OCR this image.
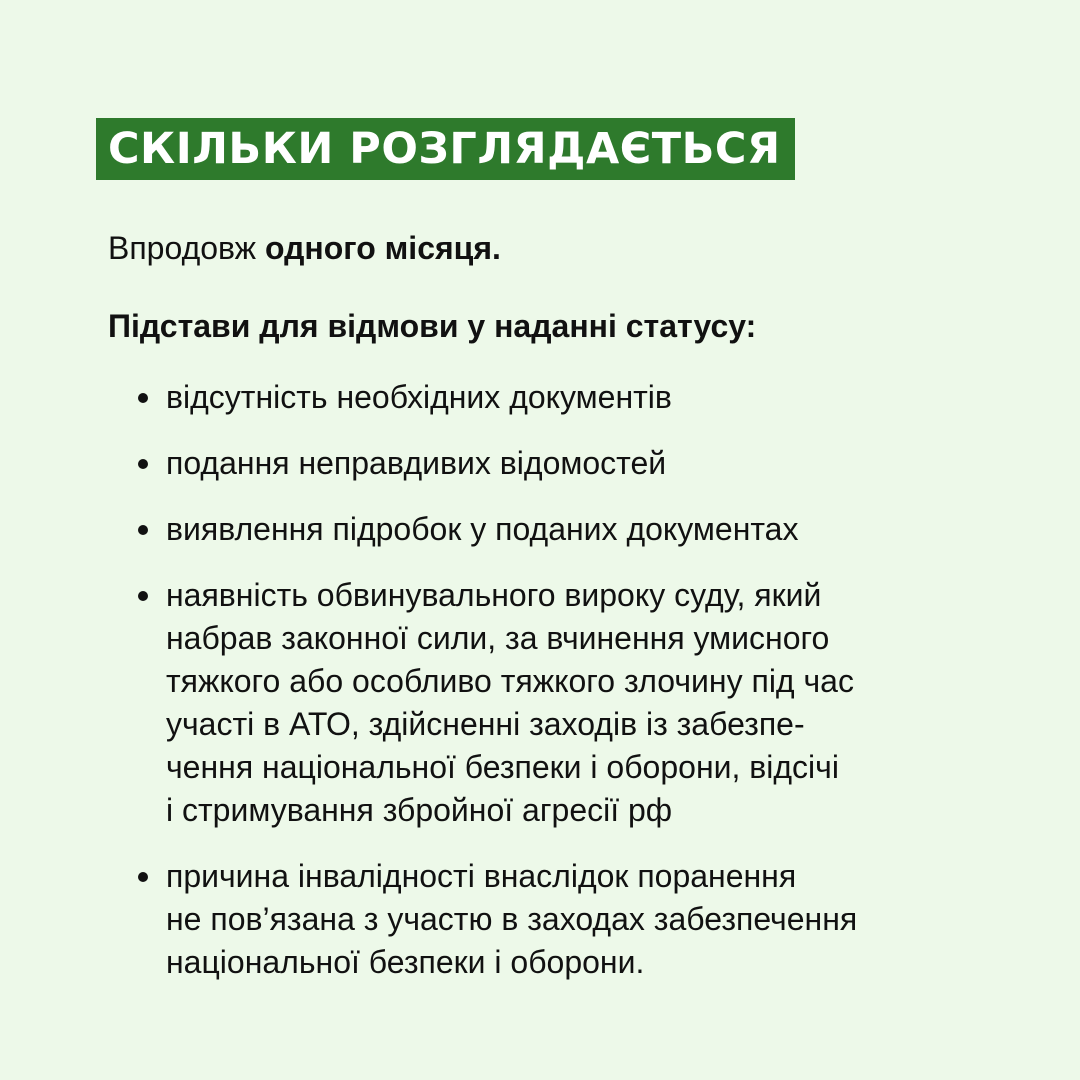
СКІЛЬКИ РОЗГЛЯДАЄТЬСЯ
Впродовж одного місяця.
Підстави для відмови у наданні статусу:
відсутність необхідних документів
подання неправдивих відомостей
виявлення підробок у поданих документах
наявність обвинувального вироку суду, який
набрав законної сили, за вчинення умисного
тяжкого або особливо тяжкого злочину під час
участі в АТО, здійсненні заходів із забезпе-
чення національної безпеки і оборони, відсічі
і стримування збройної агресії рф
причина інвалідності внаслідок поранення
не пов’язана з участю в заходах забезпечення
національної безпеки і оборони.
